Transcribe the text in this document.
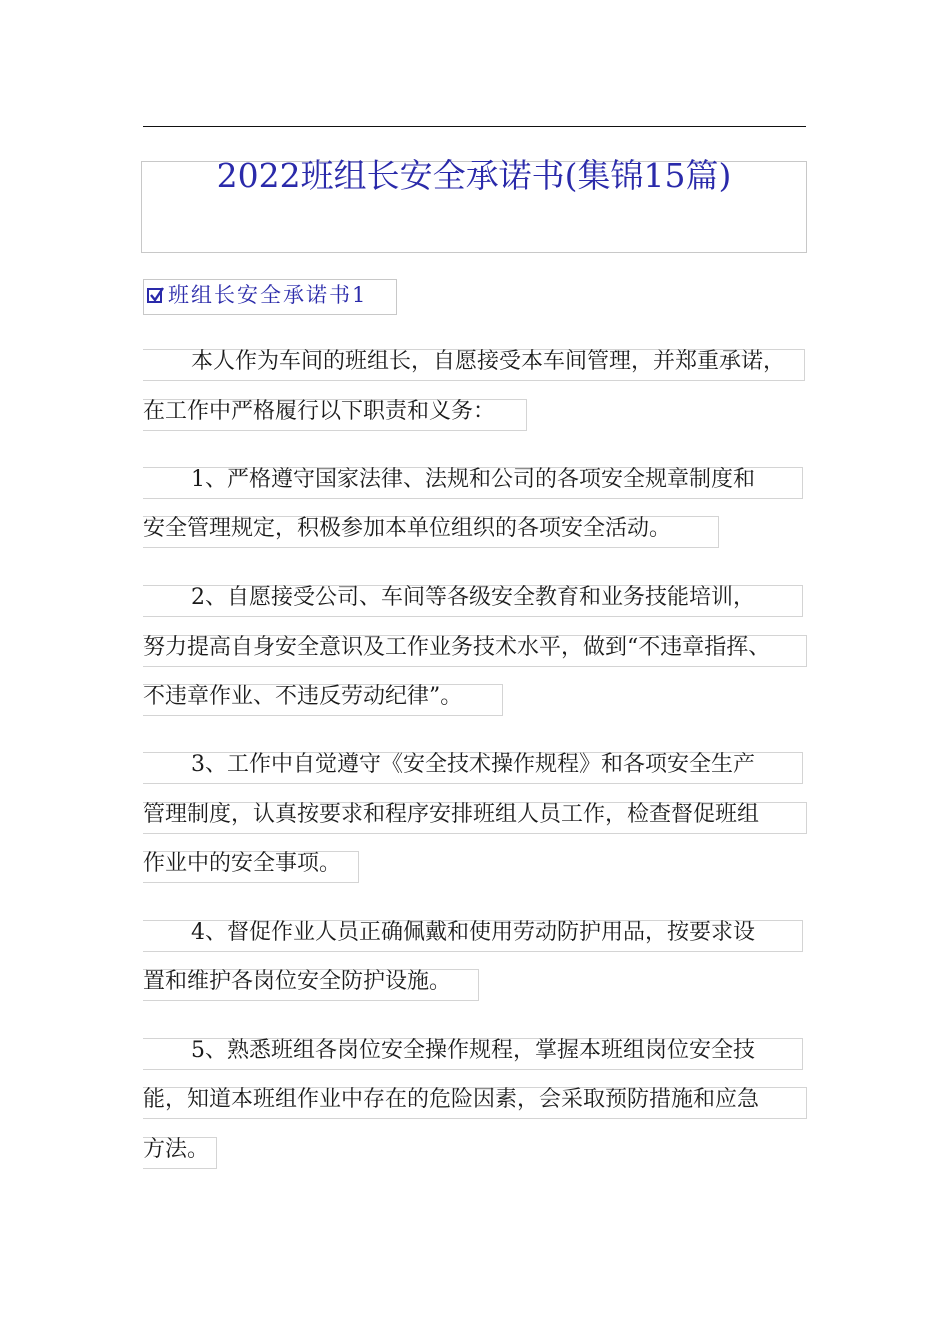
2022班组长安全承诺书(集锦15篇)
班组长安全承诺书1
本人作为车间的班组长，自愿接受本车间管理，并郑重承诺，
在工作中严格履行以下职责和义务：
1、严格遵守国家法律、法规和公司的各项安全规章制度和
安全管理规定，积极参加本单位组织的各项安全活动。
2、自愿接受公司、车间等各级安全教育和业务技能培训，
努力提高自身安全意识及工作业务技术水平，做到“不违章指挥、
不违章作业、不违反劳动纪律”。
3、工作中自觉遵守《安全技术操作规程》和各项安全生产
管理制度，认真按要求和程序安排班组人员工作，检查督促班组
作业中的安全事项。
4、督促作业人员正确佩戴和使用劳动防护用品，按要求设
置和维护各岗位安全防护设施。
5、熟悉班组各岗位安全操作规程，掌握本班组岗位安全技
能，知道本班组作业中存在的危险因素，会采取预防措施和应急
方法。
